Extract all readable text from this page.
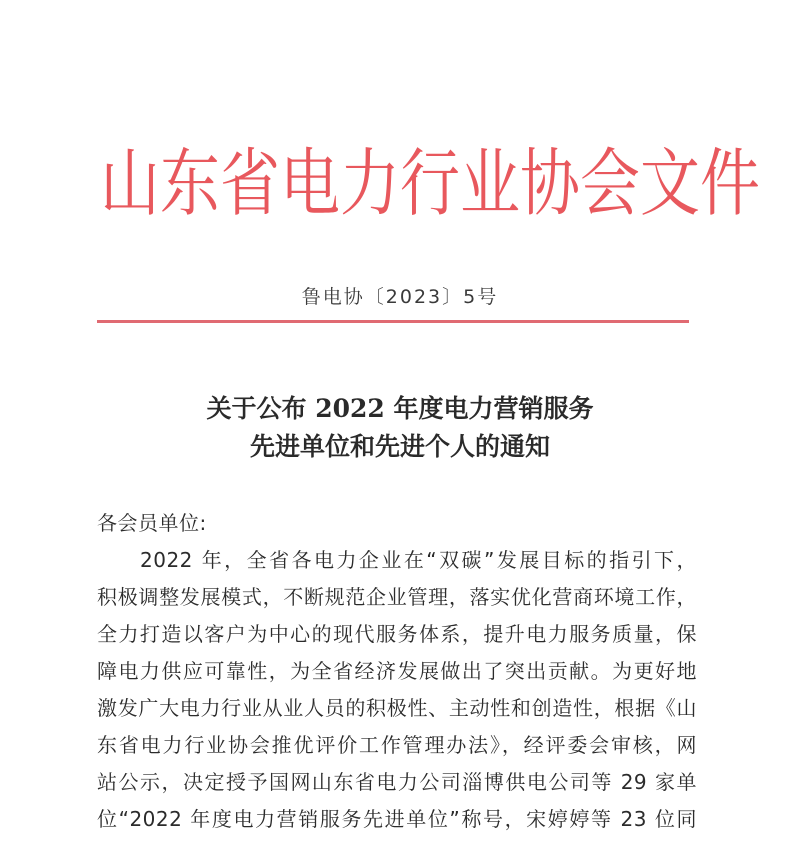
山东省电力行业协会文件
鲁电协〔2023〕5号
关于公布 2022 年度电力营销服务
先进单位和先进个人的通知
各会员单位:
2022 年，全省各电力企业在“双碳”发展目标的指引下，
积极调整发展模式，不断规范企业管理，落实优化营商环境工作，
全力打造以客户为中心的现代服务体系，提升电力服务质量，保
障电力供应可靠性，为全省经济发展做出了突出贡献。为更好地
激发广大电力行业从业人员的积极性、主动性和创造性，根据《山
东省电力行业协会推优评价工作管理办法》，经评委会审核，网
站公示，决定授予国网山东省电力公司淄博供电公司等 29 家单
位“2022 年度电力营销服务先进单位”称号，宋婷婷等 23 位同
